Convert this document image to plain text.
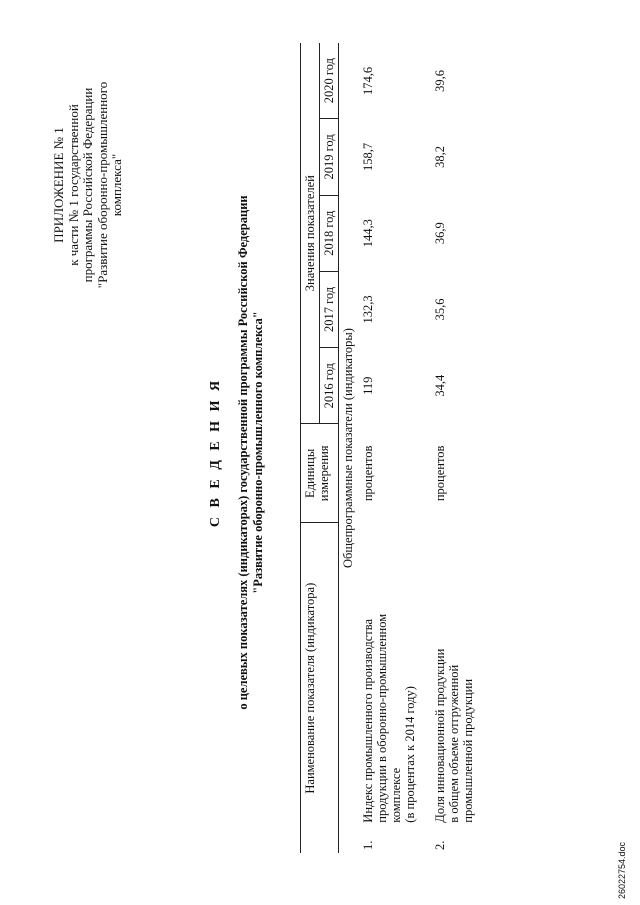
ПРИЛОЖЕНИЕ № 1 к части № 1 государственной программы Российской Федерации "Развитие оборонно-промышленного комплекса"
С В Е Д Е Н И Я о целевых показателях (индикаторах) государственной программы Российской Федерации "Развитие оборонно-промышленного комплекса"
Наименование показателя (индикатора)		Единицы измерения	Значения показателей				
			2016 год	2017 год	2018 год	2019 год	2020 год
Общепрограммные показатели (индикаторы)							
1.	Индекс промышленного производства продукции в оборонно-промышленном комплексе (в процентах к 2014 году)	процентов	119	132,3	144,3	158,7	174,6
2.	Доля инновационной продукции в общем объеме отгруженной промышленной продукции	процентов	34,4	35,6	36,9	38,2	39,6
26022754.doc
